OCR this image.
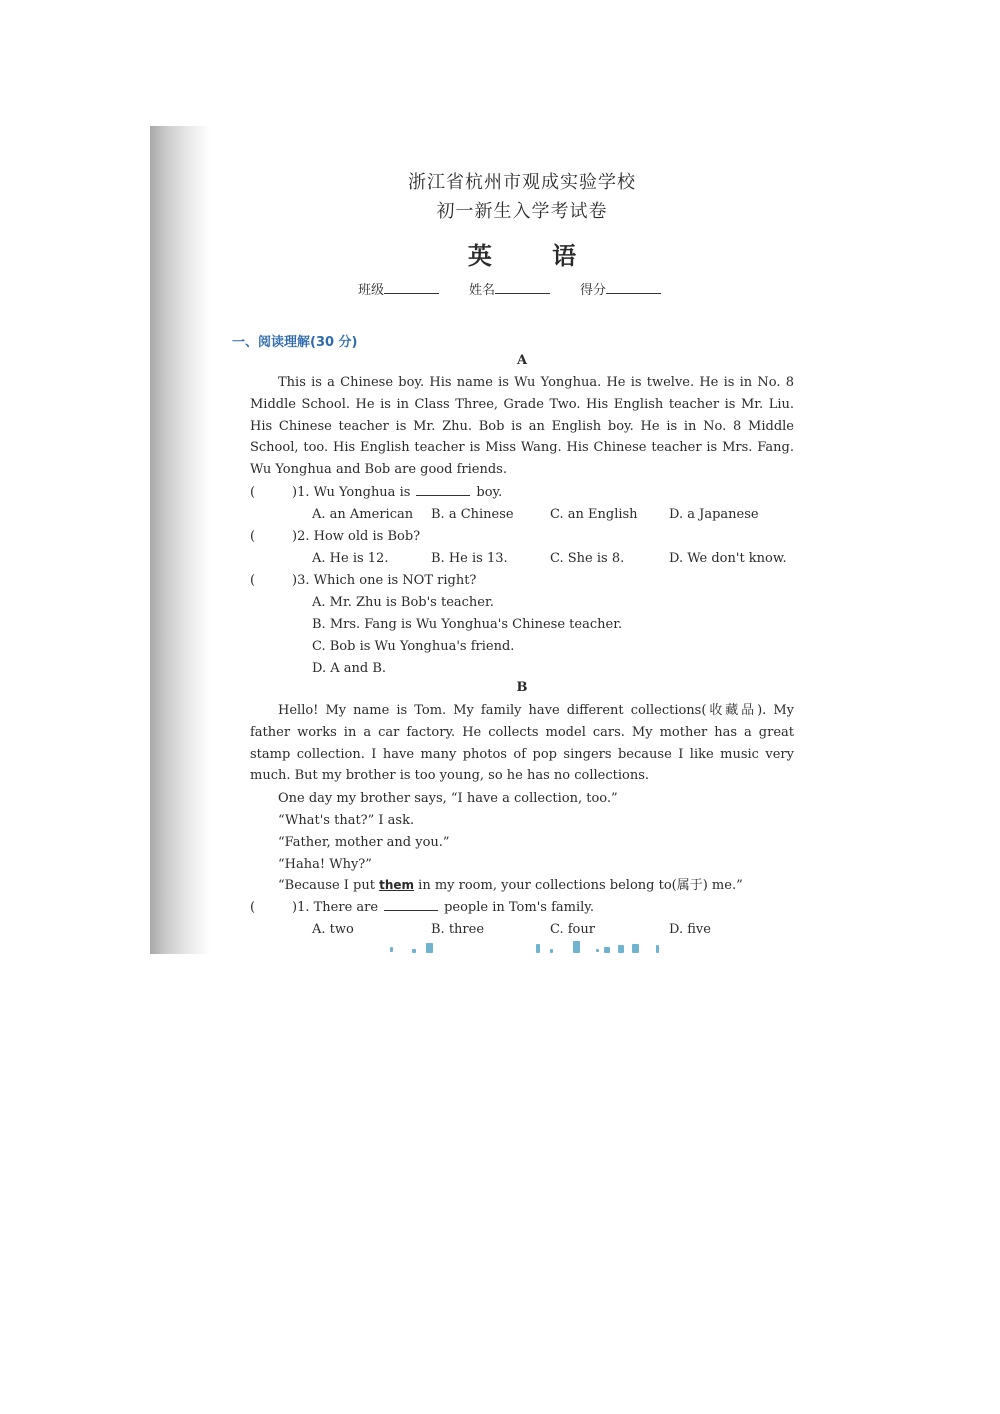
浙江省杭州市观成实验学校
初一新生入学考试卷
英 语
班级	姓名	得分
一、阅读理解(30 分)
A

This is a Chinese boy. His name is Wu Yonghua. He is twelve. He is in No. 8 Middle School. He is in Class Three, Grade Two. His English teacher is Mr. Liu. His Chinese teacher is Mr. Zhu. Bob is an English boy. He is in No. 8 Middle School, too. His English teacher is Miss Wang. His Chinese teacher is Mrs. Fang. Wu Yonghua and Bob are good friends.

(	)1. Wu Yonghua is	boy.
A. an American B. a Chinese	C. an English D. a Japanese
(	)2. How old is Bob?
A. He is 12.	B. He is 13.	C. She is 8.	D. We don't know.
(	)3. Which one is NOT right?
A. Mr. Zhu is Bob's teacher.
B. Mrs. Fang is Wu Yonghua's Chinese teacher.
C. Bob is Wu Yonghua's friend.
D. A and B.
B

Hello! My name is Tom. My family have different collections(收藏品). My father works in a car factory. He collects model cars. My mother has a great stamp collection. I have many photos of pop singers because I like music very much. But my brother is too young, so he has no collections.

One day my brother says, “I have a collection, too.”
“What's that?” I ask.
“Father, mother and you.”
“Haha! Why?”
“Because I put them in my room, your collections belong to(属于) me.”
(	)1. There are	people in Tom's family.
A. two	B. three	C. four	D. five
